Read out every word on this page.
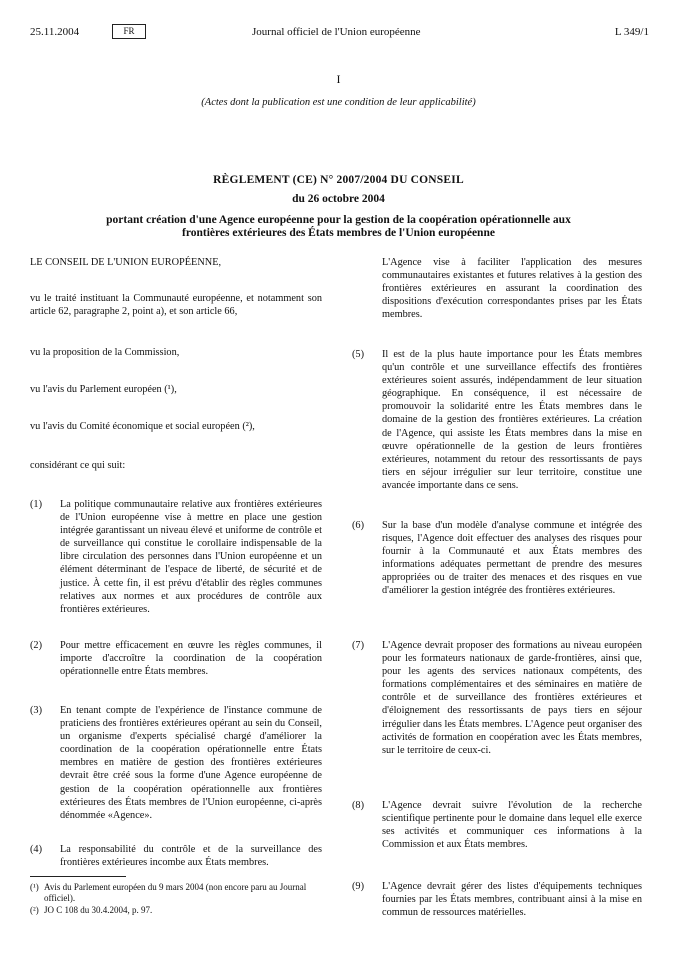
25.11.2004	FR	Journal officiel de l'Union européenne	L 349/1
I
(Actes dont la publication est une condition de leur applicabilité)
RÈGLEMENT (CE) N° 2007/2004 DU CONSEIL
du 26 octobre 2004
portant création d'une Agence européenne pour la gestion de la coopération opérationnelle aux
frontières extérieures des États membres de l'Union européenne

LE CONSEIL DE L'UNION EUROPÉENNE,

vu le traité instituant la Communauté européenne, et notamment son article 62, paragraphe 2, point a), et son article 66,

vu la proposition de la Commission,

vu l'avis du Parlement européen (¹),

vu l'avis du Comité économique et social européen (²),

considérant ce qui suit:

(1)	La politique communautaire relative aux frontières extérieures de l'Union européenne vise à mettre en place une gestion intégrée garantissant un niveau élevé et uniforme de contrôle et de surveillance qui constitue le corollaire indispensable de la libre circulation des personnes dans l'Union européenne et un élément déterminant de l'espace de liberté, de sécurité et de justice. À cette fin, il est prévu d'établir des règles communes relatives aux normes et aux procédures de contrôle aux frontières extérieures.

(2)	Pour mettre efficacement en œuvre les règles communes, il importe d'accroître la coordination de la coopération opérationnelle entre États membres.

(3)	En tenant compte de l'expérience de l'instance commune de praticiens des frontières extérieures opérant au sein du Conseil, un organisme d'experts spécialisé chargé d'améliorer la coordination de la coopération opérationnelle entre États membres en matière de gestion des frontières extérieures devrait être créé sous la forme d'une Agence européenne de gestion de la coopération opérationnelle aux frontières extérieures des États membres de l'Union européenne, ci-après dénommée «Agence».

(4)	La responsabilité du contrôle et de la surveillance des frontières extérieures incombe aux États membres.

L'Agence vise à faciliter l'application des mesures communautaires existantes et futures relatives à la gestion des frontières extérieures en assurant la coordination des dispositions d'exécution correspondantes prises par les États membres.

(5)	Il est de la plus haute importance pour les États membres qu'un contrôle et une surveillance effectifs des frontières extérieures soient assurés, indépendamment de leur situation géographique. En conséquence, il est nécessaire de promouvoir la solidarité entre les États membres dans le domaine de la gestion des frontières extérieures. La création de l'Agence, qui assiste les États membres dans la mise en œuvre opérationnelle de la gestion de leurs frontières extérieures, notamment du retour des ressortissants de pays tiers en séjour irrégulier sur leur territoire, constitue une avancée importante dans ce sens.

(6)	Sur la base d'un modèle d'analyse commune et intégrée des risques, l'Agence doit effectuer des analyses des risques pour fournir à la Communauté et aux États membres des informations adéquates permettant de prendre des mesures appropriées ou de traiter des menaces et des risques en vue d'améliorer la gestion intégrée des frontières extérieures.

(7)	L'Agence devrait proposer des formations au niveau européen pour les formateurs nationaux de garde-frontières, ainsi que, pour les agents des services nationaux compétents, des formations complémentaires et des séminaires en matière de contrôle et de surveillance des frontières extérieures et d'éloignement des ressortissants de pays tiers en séjour irrégulier dans les États membres. L'Agence peut organiser des activités de formation en coopération avec les États membres, sur le territoire de ceux-ci.

(8)	L'Agence devrait suivre l'évolution de la recherche scientifique pertinente pour le domaine dans lequel elle exerce ses activités et communiquer ces informations à la Commission et aux États membres.

(9)	L'Agence devrait gérer des listes d'équipements techniques fournies par les États membres, contribuant ainsi à la mise en commun de ressources matérielles.

(¹) Avis du Parlement européen du 9 mars 2004 (non encore paru au Journal officiel).
(²) JO C 108 du 30.4.2004, p. 97.
